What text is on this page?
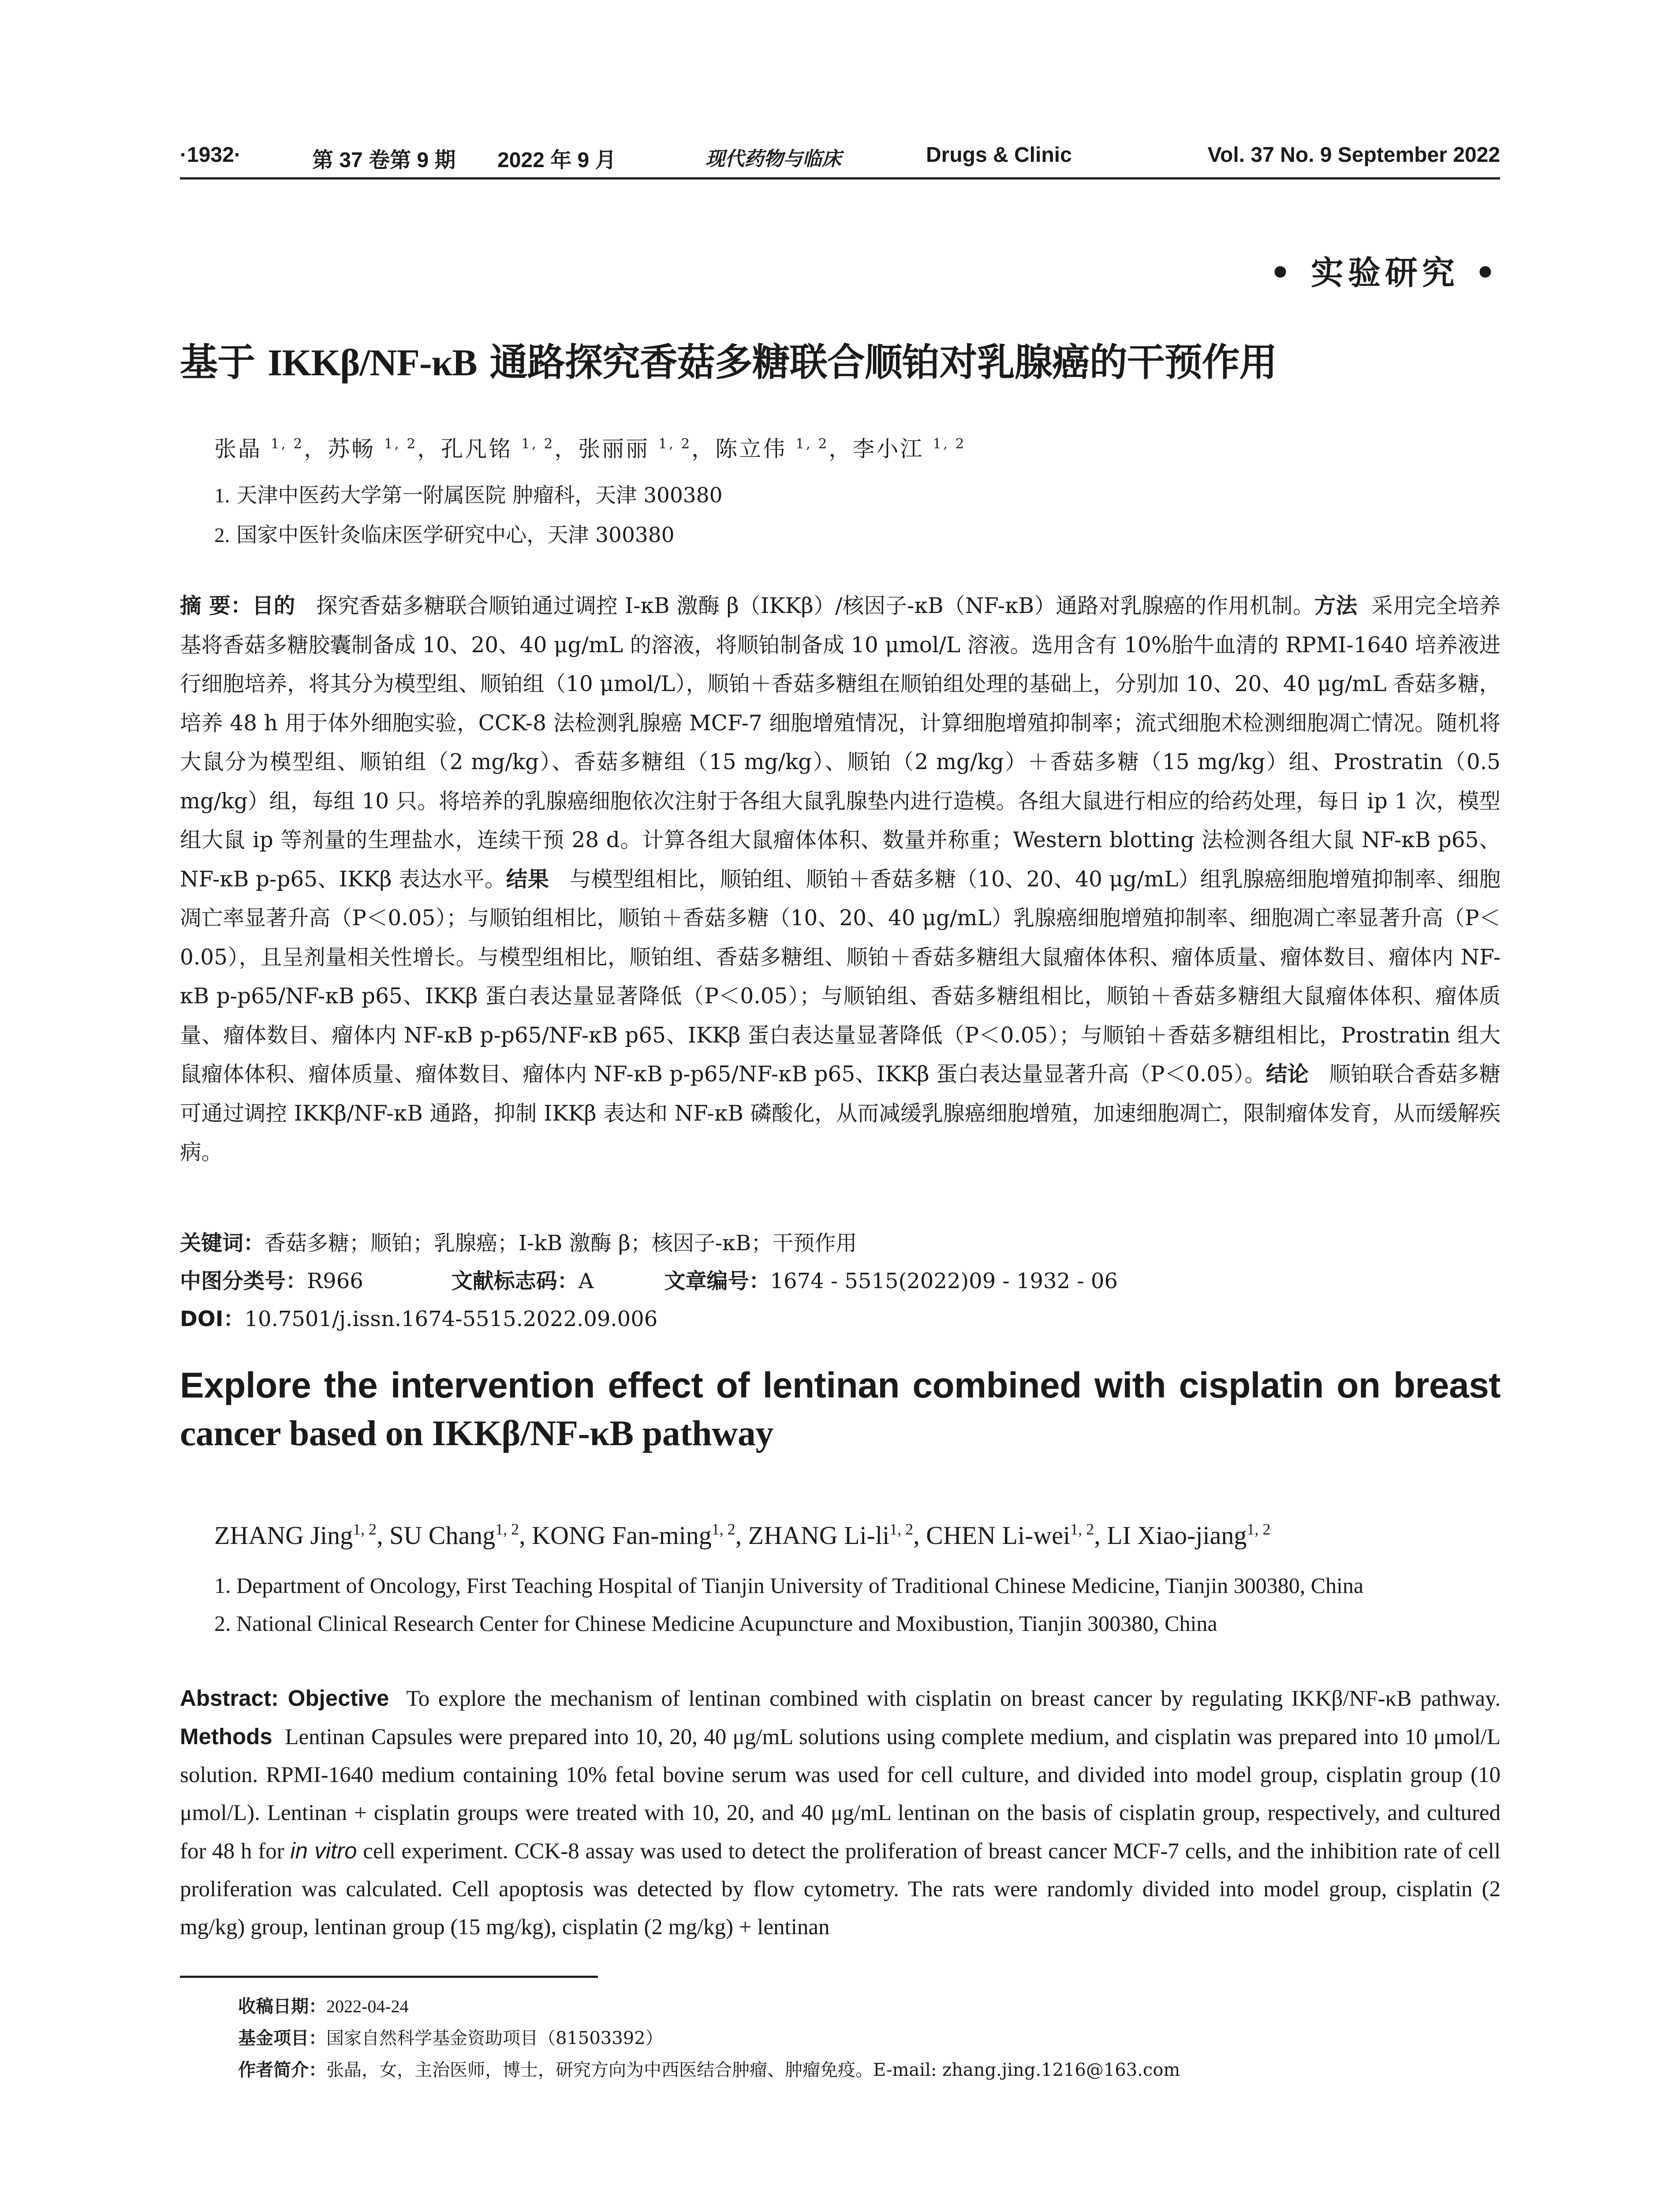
·1932·	第 37 卷第 9 期 2022 年 9 月	现代药物与临床	Drugs & Clinic	Vol. 37 No. 9 September 2022
• 实验研究 •
基于 IKKβ/NF-κB 通路探究香菇多糖联合顺铂对乳腺癌的干预作用
张晶 $^{1, 2}$，苏畅 $^{1, 2}$，孔凡铭 $^{1, 2}$，张丽丽 $^{1, 2}$，陈立伟 $^{1, 2}$，李小江 $^{1, 2}$
1. 天津中医药大学第一附属医院 肿瘤科，天津 300380
2. 国家中医针灸临床医学研究中心，天津 300380
摘 要：目的 探究香菇多糖联合顺铂通过调控 I-κB 激酶 β（IKKβ）/核因子-κB（NF-κB）通路对乳腺癌的作用机制。方法 采用完全培养基将香菇多糖胶囊制备成 10、20、40 μg/mL 的溶液，将顺铂制备成 10 μmol/L 溶液。选用含有 10%胎牛血清的 RPMI-1640 培养液进行细胞培养，将其分为模型组、顺铂组（10 μmol/L），顺铂＋香菇多糖组在顺铂组处理的基础上，分别加 10、20、40 μg/mL 香菇多糖，培养 48 h 用于体外细胞实验，CCK-8 法检测乳腺癌 MCF-7 细胞增殖情况，计算细胞增殖抑制率；流式细胞术检测细胞凋亡情况。随机将大鼠分为模型组、顺铂组（2 mg/kg）、香菇多糖组（15 mg/kg）、顺铂（2 mg/kg）＋香菇多糖（15 mg/kg）组、Prostratin（0.5 mg/kg）组，每组 10 只。将培养的乳腺癌细胞依次注射于各组大鼠乳腺垫内进行造模。各组大鼠进行相应的给药处理，每日 ip 1 次，模型组大鼠 ip 等剂量的生理盐水，连续干预 28 d。计算各组大鼠瘤体体积、数量并称重；Western blotting 法检测各组大鼠 NF-κB p65、NF-κB p-p65、IKKβ 表达水平。结果 与模型组相比，顺铂组、顺铂＋香菇多糖（10、20、40 μg/mL）组乳腺癌细胞增殖抑制率、细胞凋亡率显著升高（P＜0.05）；与顺铂组相比，顺铂＋香菇多糖（10、20、40 μg/mL）乳腺癌细胞增殖抑制率、细胞凋亡率显著升高（P＜0.05），且呈剂量相关性增长。与模型组相比，顺铂组、香菇多糖组、顺铂＋香菇多糖组大鼠瘤体体积、瘤体质量、瘤体数目、瘤体内 NF-κB p-p65/NF-κB p65、IKKβ 蛋白表达量显著降低（P＜0.05）；与顺铂组、香菇多糖组相比，顺铂＋香菇多糖组大鼠瘤体体积、瘤体质量、瘤体数目、瘤体内 NF-κB p-p65/NF-κB p65、IKKβ 蛋白表达量显著降低（P＜0.05）；与顺铂＋香菇多糖组相比，Prostratin 组大鼠瘤体体积、瘤体质量、瘤体数目、瘤体内 NF-κB p-p65/NF-κB p65、IKKβ 蛋白表达量显著升高（P＜0.05）。结论 顺铂联合香菇多糖可通过调控 IKKβ/NF-κB 通路，抑制 IKKβ 表达和 NF-κB 磷酸化，从而减缓乳腺癌细胞增殖，加速细胞凋亡，限制瘤体发育，从而缓解疾病。
关键词：香菇多糖；顺铂；乳腺癌；I-kB 激酶 β；核因子-κB；干预作用
中图分类号：R966	文献标志码：A	文章编号：1674 - 5515(2022)09 - 1932 - 06
DOI：10.7501/j.issn.1674-5515.2022.09.006
Explore the intervention effect of lentinan combined with cisplatin on breast
cancer based on IKKβ/NF-κB pathway
ZHANG Jing$^{1, 2}$, SU Chang$^{1, 2}$, KONG Fan-ming$^{1, 2}$, ZHANG Li-li$^{1, 2}$, CHEN Li-wei$^{1, 2}$, LI Xiao-jiang$^{1, 2}$
1. Department of Oncology, First Teaching Hospital of Tianjin University of Traditional Chinese Medicine, Tianjin 300380, China
2. National Clinical Research Center for Chinese Medicine Acupuncture and Moxibustion, Tianjin 300380, China
Abstract: Objective To explore the mechanism of lentinan combined with cisplatin on breast cancer by regulating IKKβ/NF-κB pathway. Methods Lentinan Capsules were prepared into 10, 20, 40 μg/mL solutions using complete medium, and cisplatin was prepared into 10 μmol/L solution. RPMI-1640 medium containing 10% fetal bovine serum was used for cell culture, and divided into model group, cisplatin group (10 μmol/L). Lentinan + cisplatin groups were treated with 10, 20, and 40 μg/mL lentinan on the basis of cisplatin group, respectively, and cultured for 48 h for in vitro cell experiment. CCK-8 assay was used to detect the proliferation of breast cancer MCF-7 cells, and the inhibition rate of cell proliferation was calculated. Cell apoptosis was detected by flow cytometry. The rats were randomly divided into model group, cisplatin (2 mg/kg) group, lentinan group (15 mg/kg), cisplatin (2 mg/kg) + lentinan
收稿日期：2022-04-24
基金项目：国家自然科学基金资助项目（81503392）
作者简介：张晶，女，主治医师，博士，研究方向为中西医结合肿瘤、肿瘤免疫。E-mail: zhang.jing.1216@163.com
